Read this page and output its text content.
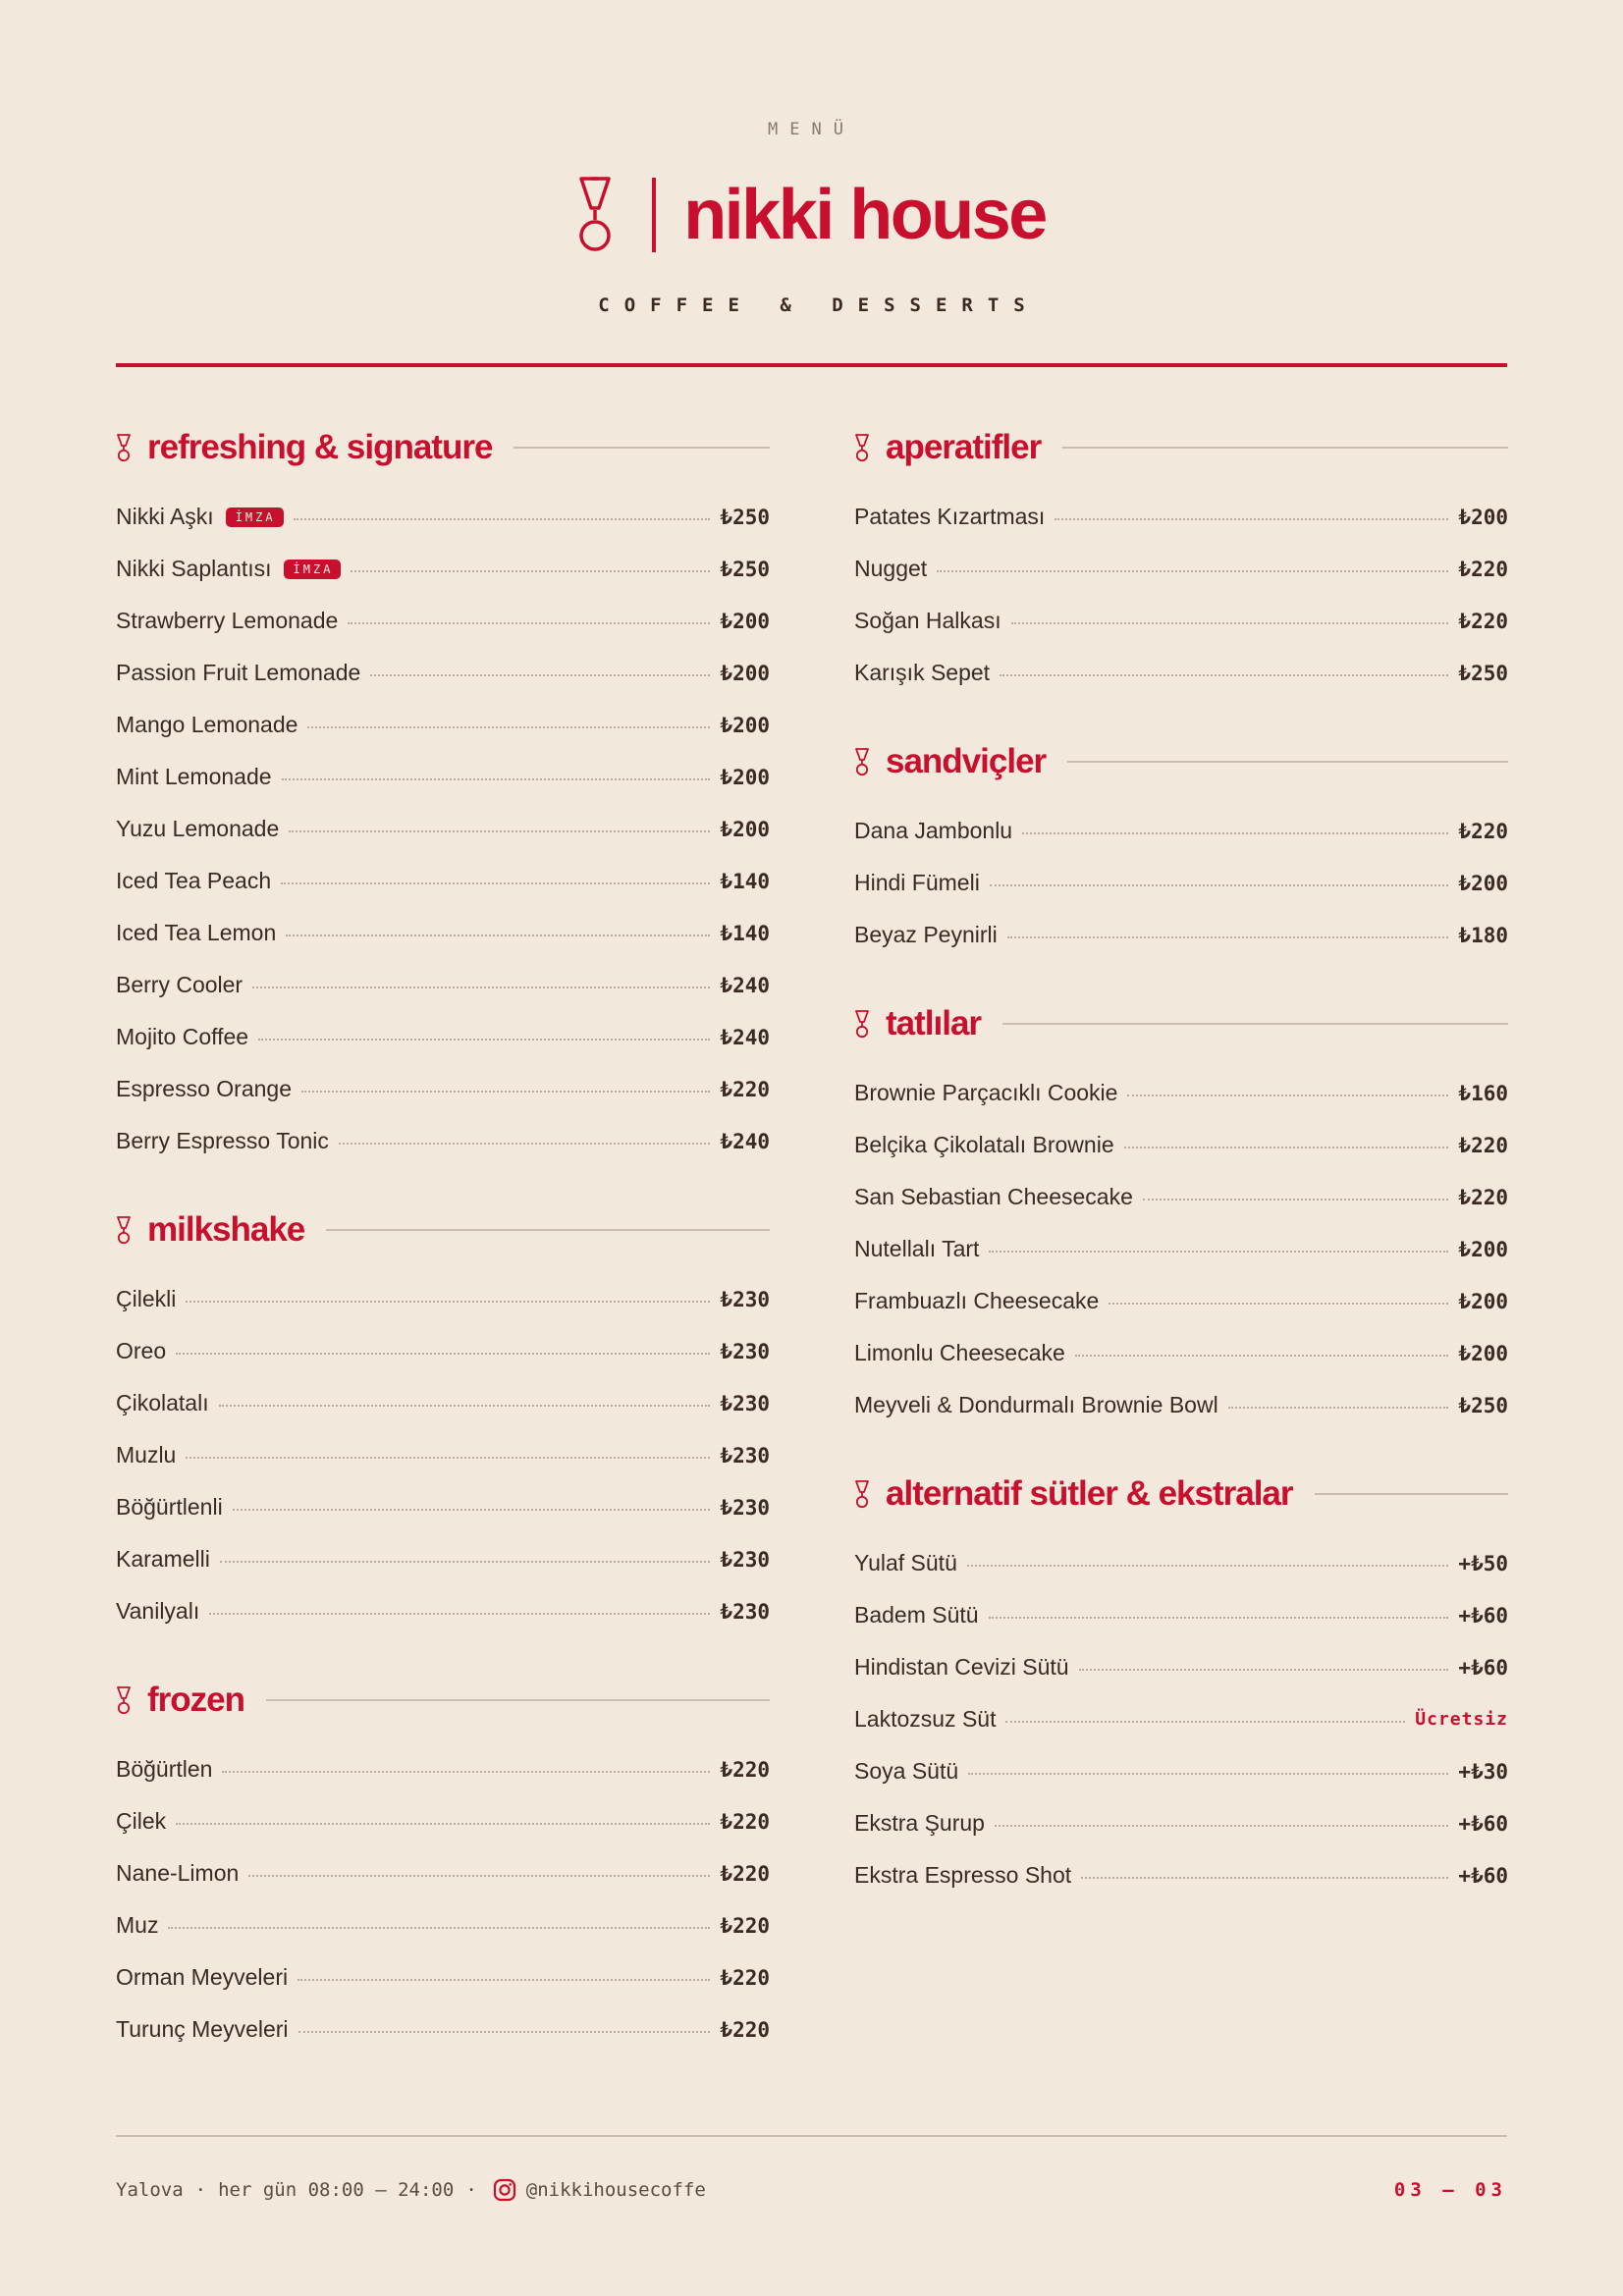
MENÜ
nikki house
COFFEE & DESSERTS
refreshing & signature
Nikki Aşkı	İMZA	₺250
Nikki Saplantısı	İMZA	₺250
Strawberry Lemonade	₺200
Passion Fruit Lemonade	₺200
Mango Lemonade	₺200
Mint Lemonade	₺200
Yuzu Lemonade	₺200
Iced Tea Peach	₺140
Iced Tea Lemon	₺140
Berry Cooler	₺240
Mojito Coffee	₺240
Espresso Orange	₺220
Berry Espresso Tonic	₺240
milkshake
Çilekli	₺230
Oreo	₺230
Çikolatalı	₺230
Muzlu	₺230
Böğürtlenli	₺230
Karamelli	₺230
Vanilyalı	₺230
frozen
Böğürtlen	₺220
Çilek	₺220
Nane-Limon	₺220
Muz	₺220
Orman Meyveleri	₺220
Turunç Meyveleri	₺220
aperatifler
Patates Kızartması	₺200
Nugget	₺220
Soğan Halkası	₺220
Karışık Sepet	₺250
sandviçler
Dana Jambonlu	₺220
Hindi Fümeli	₺200
Beyaz Peynirli	₺180
tatlılar
Brownie Parçacıklı Cookie	₺160
Belçika Çikolatalı Brownie	₺220
San Sebastian Cheesecake	₺220
Nutellalı Tart	₺200
Frambuazlı Cheesecake	₺200
Limonlu Cheesecake	₺200
Meyveli & Dondurmalı Brownie Bowl	₺250
alternatif sütler & ekstralar
Yulaf Sütü	+₺50
Badem Sütü	+₺60
Hindistan Cevizi Sütü	+₺60
Laktozsuz Süt	Ücretsiz
Soya Sütü	+₺30
Ekstra Şurup	+₺60
Ekstra Espresso Shot	+₺60
Yalova · her gün 08:00 – 24:00 ·	@nikkihousecoffe	03 — 03
